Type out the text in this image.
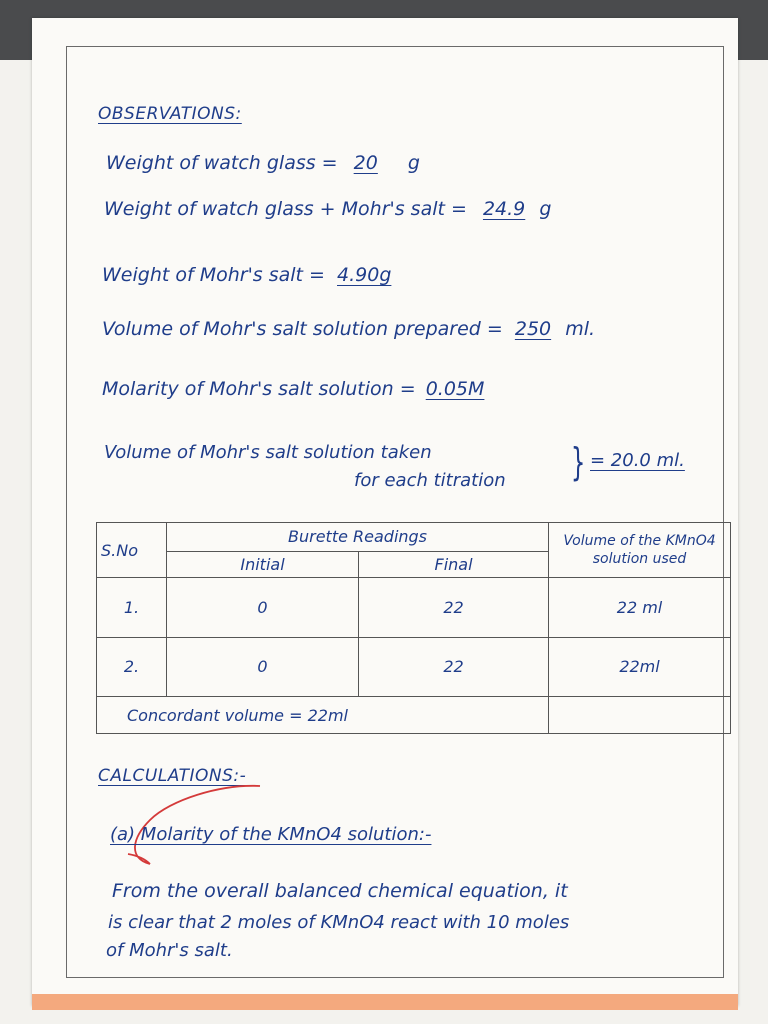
OBSERVATIONS:
Weight of watch glass = 20 g
Weight of watch glass + Mohr's salt = 24.9 g
Weight of Mohr's salt = 4.90g
Volume of Mohr's salt solution prepared = 250 ml.
Molarity of Mohr's salt solution = 0.05M
Volume of Mohr's salt solution taken
for each titration } = 20.0 ml.
S.No	Burette Readings		Volume of the KMnO4 solution used
	Initial	Final	
1.	0	22	22 ml
2.	0	22	22ml
Concordant volume = 22ml			
CALCULATIONS:-
(a) Molarity of the KMnO4 solution:-
From the overall balanced chemical equation, it
is clear that 2 moles of KMnO4 react with 10 moles
of Mohr's salt.
